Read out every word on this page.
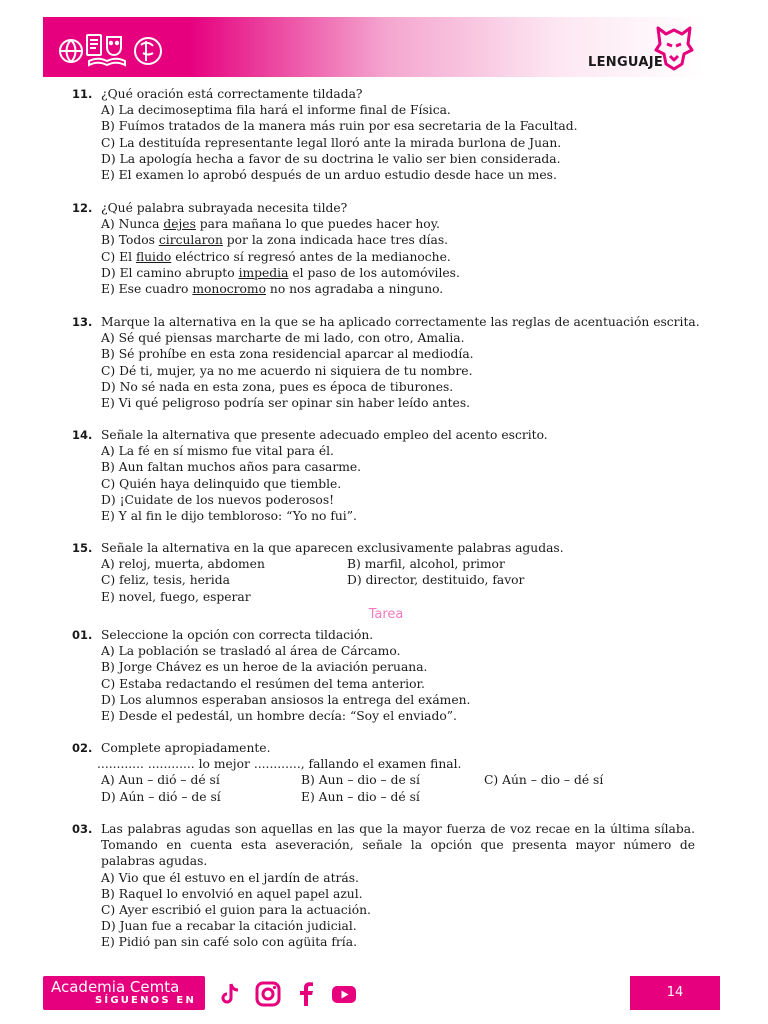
LENGUAJE
11. ¿Qué oración está correctamente tildada?
A) La decimoseptima fila hará el informe final de Física.
B) Fuímos tratados de la manera más ruin por esa secretaria de la Facultad.
C) La destituída representante legal lloró ante la mirada burlona de Juan.
D) La apología hecha a favor de su doctrina le valio ser bien considerada.
E) El examen lo aprobó después de un arduo estudio desde hace un mes.
12. ¿Qué palabra subrayada necesita tilde?
A) Nunca dejes para mañana lo que puedes hacer hoy.
B) Todos circularon por la zona indicada hace tres días.
C) El fluido eléctrico sí regresó antes de la medianoche.
D) El camino abrupto impedia el paso de los automóviles.
E) Ese cuadro monocromo no nos agradaba a ninguno.
13. Marque la alternativa en la que se ha aplicado correctamente las reglas de acentuación escrita.
A) Sé qué piensas marcharte de mi lado, con otro, Amalia.
B) Sé prohíbe en esta zona residencial aparcar al mediodía.
C) Dé ti, mujer, ya no me acuerdo ni siquiera de tu nombre.
D) No sé nada en esta zona, pues es época de tiburones.
E) Vi qué peligroso podría ser opinar sin haber leído antes.
14. Señale la alternativa que presente adecuado empleo del acento escrito.
A) La fé en sí mismo fue vital para él.
B) Aun faltan muchos años para casarme.
C) Quién haya delinquido que tiemble.
D) ¡Cuidate de los nuevos poderosos!
E) Y al fin le dijo tembloroso: “Yo no fui”.
15. Señale la alternativa en la que aparecen exclusivamente palabras agudas.
A) reloj, muerta, abdomen	B) marfil, alcohol, primor
C) feliz, tesis, herida	D) director, destituido, favor
E) novel, fuego, esperar
Tarea
01. Seleccione la opción con correcta tildación.
A) La población se trasladó al área de Cárcamo.
B) Jorge Chávez es un heroe de la aviación peruana.
C) Estaba redactando el resúmen del tema anterior.
D) Los alumnos esperaban ansiosos la entrega del exámen.
E) Desde el pedestál, un hombre decía: “Soy el enviado”.
02. Complete apropiadamente.
............ ............ lo mejor ............, fallando el examen final.
A) Aun – dió – dé sí	B) Aun – dio – de sí	C) Aún – dio – dé sí
D) Aún – dió – de sí	E) Aun – dio – dé sí
03. Las palabras agudas son aquellas en las que la mayor fuerza de voz recae en la última sílaba. Tomando en cuenta esta aseveración, señale la opción que presenta mayor número de palabras agudas.
A) Vio que él estuvo en el jardín de atrás.
B) Raquel lo envolvió en aquel papel azul.
C) Ayer escribió el guion para la actuación.
D) Juan fue a recabar la citación judicial.
E) Pidió pan sin café solo con agüita fría.
Academia Cemta
SÍGUENOS EN
14
